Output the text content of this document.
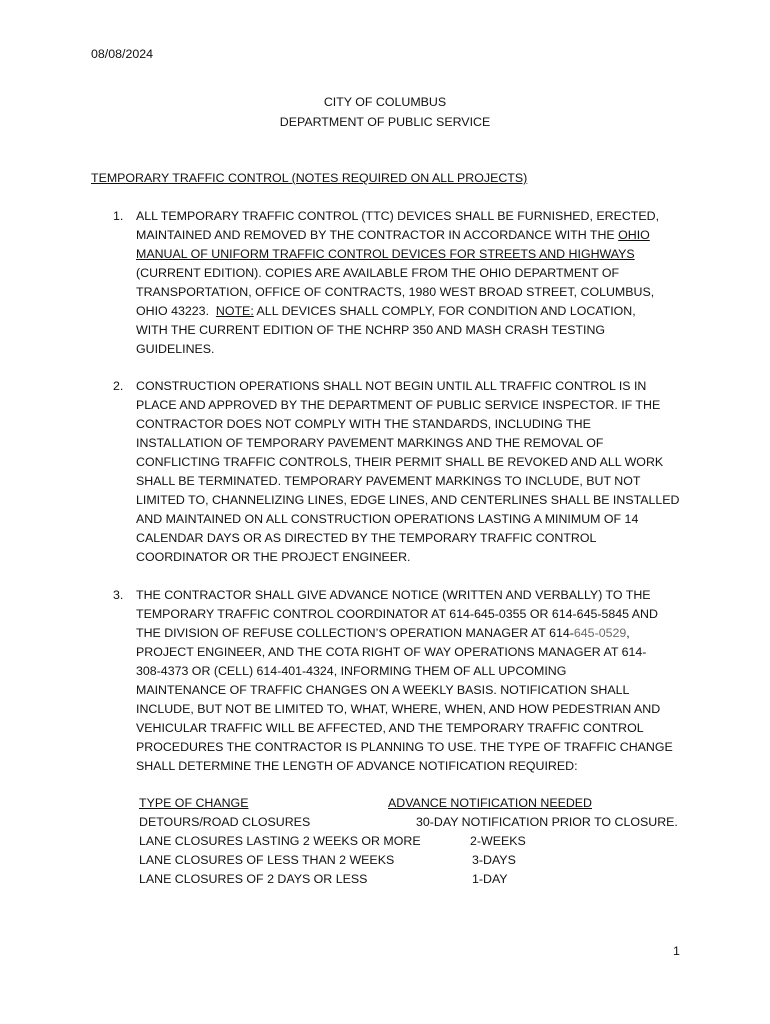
08/08/2024
CITY OF COLUMBUS
DEPARTMENT OF PUBLIC SERVICE
TEMPORARY TRAFFIC CONTROL (NOTES REQUIRED ON ALL PROJECTS)
1. ALL TEMPORARY TRAFFIC CONTROL (TTC) DEVICES SHALL BE FURNISHED, ERECTED,
MAINTAINED AND REMOVED BY THE CONTRACTOR IN ACCORDANCE WITH THE OHIO
MANUAL OF UNIFORM TRAFFIC CONTROL DEVICES FOR STREETS AND HIGHWAYS
(CURRENT EDITION). COPIES ARE AVAILABLE FROM THE OHIO DEPARTMENT OF
TRANSPORTATION, OFFICE OF CONTRACTS, 1980 WEST BROAD STREET, COLUMBUS,
OHIO 43223.  NOTE: ALL DEVICES SHALL COMPLY, FOR CONDITION AND LOCATION,
WITH THE CURRENT EDITION OF THE NCHRP 350 AND MASH CRASH TESTING
GUIDELINES.
2. CONSTRUCTION OPERATIONS SHALL NOT BEGIN UNTIL ALL TRAFFIC CONTROL IS IN
PLACE AND APPROVED BY THE DEPARTMENT OF PUBLIC SERVICE INSPECTOR. IF THE
CONTRACTOR DOES NOT COMPLY WITH THE STANDARDS, INCLUDING THE
INSTALLATION OF TEMPORARY PAVEMENT MARKINGS AND THE REMOVAL OF
CONFLICTING TRAFFIC CONTROLS, THEIR PERMIT SHALL BE REVOKED AND ALL WORK
SHALL BE TERMINATED. TEMPORARY PAVEMENT MARKINGS TO INCLUDE, BUT NOT
LIMITED TO, CHANNELIZING LINES, EDGE LINES, AND CENTERLINES SHALL BE INSTALLED
AND MAINTAINED ON ALL CONSTRUCTION OPERATIONS LASTING A MINIMUM OF 14
CALENDAR DAYS OR AS DIRECTED BY THE TEMPORARY TRAFFIC CONTROL
COORDINATOR OR THE PROJECT ENGINEER.
3. THE CONTRACTOR SHALL GIVE ADVANCE NOTICE (WRITTEN AND VERBALLY) TO THE
TEMPORARY TRAFFIC CONTROL COORDINATOR AT 614-645-0355 OR 614-645-5845 AND
THE DIVISION OF REFUSE COLLECTION’S OPERATION MANAGER AT 614-645-0529,
PROJECT ENGINEER, AND THE COTA RIGHT OF WAY OPERATIONS MANAGER AT 614-
308-4373 OR (CELL) 614-401-4324, INFORMING THEM OF ALL UPCOMING
MAINTENANCE OF TRAFFIC CHANGES ON A WEEKLY BASIS. NOTIFICATION SHALL
INCLUDE, BUT NOT BE LIMITED TO, WHAT, WHERE, WHEN, AND HOW PEDESTRIAN AND
VEHICULAR TRAFFIC WILL BE AFFECTED, AND THE TEMPORARY TRAFFIC CONTROL
PROCEDURES THE CONTRACTOR IS PLANNING TO USE. THE TYPE OF TRAFFIC CHANGE
SHALL DETERMINE THE LENGTH OF ADVANCE NOTIFICATION REQUIRED:
TYPE OF CHANGE	ADVANCE NOTIFICATION NEEDED
DETOURS/ROAD CLOSURES	30-DAY NOTIFICATION PRIOR TO CLOSURE.
LANE CLOSURES LASTING 2 WEEKS OR MORE	2-WEEKS
LANE CLOSURES OF LESS THAN 2 WEEKS	3-DAYS
LANE CLOSURES OF 2 DAYS OR LESS	1-DAY
1
